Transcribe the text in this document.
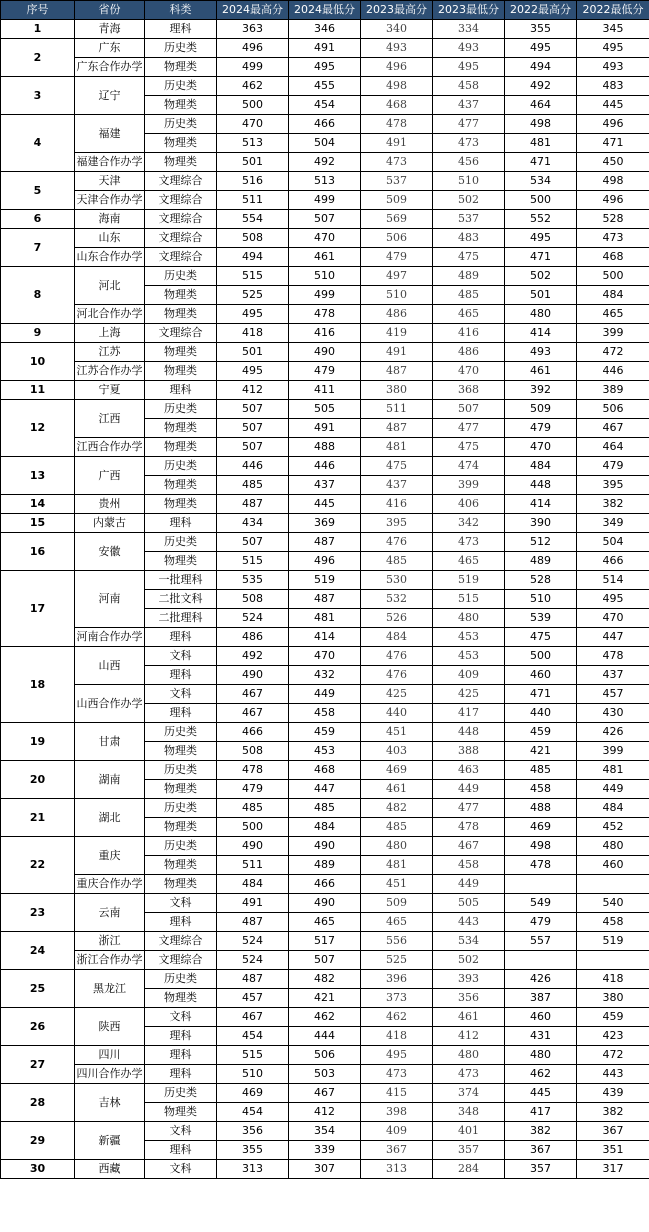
序号	省份	科类	2024最高分	2024最低分	2023最高分	2023最低分	2022最高分	2022最低分
1	青海	理科	363	346	340	334	355	345
2	广东	历史类	496	491	493	493	495	495
	广东合作办学	物理类	499	495	496	495	494	493
3	辽宁	历史类	462	455	498	458	492	483
		物理类	500	454	468	437	464	445
4	福建	历史类	470	466	478	477	498	496
		物理类	513	504	491	473	481	471
	福建合作办学	物理类	501	492	473	456	471	450
5	天津	文理综合	516	513	537	510	534	498
	天津合作办学	文理综合	511	499	509	502	500	496
6	海南	文理综合	554	507	569	537	552	528
7	山东	文理综合	508	470	506	483	495	473
	山东合作办学	文理综合	494	461	479	475	471	468
8	河北	历史类	515	510	497	489	502	500
		物理类	525	499	510	485	501	484
	河北合作办学	物理类	495	478	486	465	480	465
9	上海	文理综合	418	416	419	416	414	399
10	江苏	物理类	501	490	491	486	493	472
	江苏合作办学	物理类	495	479	487	470	461	446
11	宁夏	理科	412	411	380	368	392	389
12	江西	历史类	507	505	511	507	509	506
		物理类	507	491	487	477	479	467
	江西合作办学	物理类	507	488	481	475	470	464
13	广西	历史类	446	446	475	474	484	479
		物理类	485	437	437	399	448	395
14	贵州	物理类	487	445	416	406	414	382
15	内蒙古	理科	434	369	395	342	390	349
16	安徽	历史类	507	487	476	473	512	504
		物理类	515	496	485	465	489	466
17	河南	一批理科	535	519	530	519	528	514
		二批文科	508	487	532	515	510	495
		二批理科	524	481	526	480	539	470
	河南合作办学	理科	486	414	484	453	475	447
18	山西	文科	492	470	476	453	500	478
		理科	490	432	476	409	460	437
	山西合作办学	文科	467	449	425	425	471	457
		理科	467	458	440	417	440	430
19	甘肃	历史类	466	459	451	448	459	426
		物理类	508	453	403	388	421	399
20	湖南	历史类	478	468	469	463	485	481
		物理类	479	447	461	449	458	449
21	湖北	历史类	485	485	482	477	488	484
		物理类	500	484	485	478	469	452
22	重庆	历史类	490	490	480	467	498	480
		物理类	511	489	481	458	478	460
	重庆合作办学	物理类	484	466	451	449		
23	云南	文科	491	490	509	505	549	540
		理科	487	465	465	443	479	458
24	浙江	文理综合	524	517	556	534	557	519
	浙江合作办学	文理综合	524	507	525	502		
25	黑龙江	历史类	487	482	396	393	426	418
		物理类	457	421	373	356	387	380
26	陕西	文科	467	462	462	461	460	459
		理科	454	444	418	412	431	423
27	四川	理科	515	506	495	480	480	472
	四川合作办学	理科	510	503	473	473	462	443
28	吉林	历史类	469	467	415	374	445	439
		物理类	454	412	398	348	417	382
29	新疆	文科	356	354	409	401	382	367
		理科	355	339	367	357	367	351
30	西藏	文科	313	307	313	284	357	317
